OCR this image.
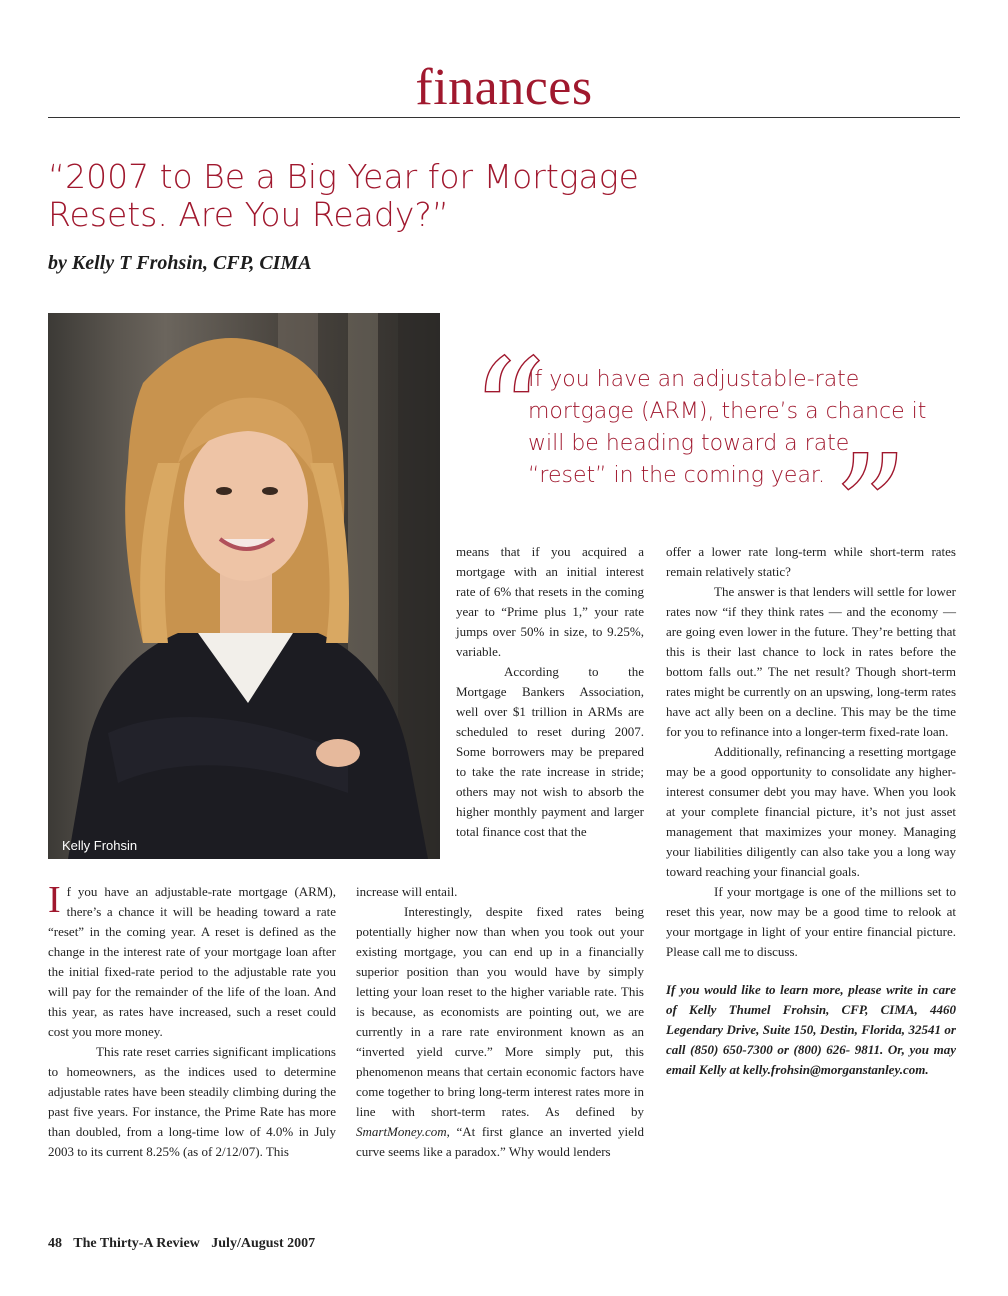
finances
“2007 to Be a Big Year for Mortgage Resets. Are You Ready?”
by Kelly T Frohsin, CFP, CIMA
Kelly Frohsin
“
If you have an adjustable-rate mortgage (ARM), there’s a chance it will be heading toward a rate “reset” in the coming year. ”

If you have an adjustable-rate mortgage (ARM), there’s a chance it will be heading toward a rate “reset” in the coming year. A reset is defined as the change in the interest rate of your mortgage loan after the initial fixed-rate period to the adjustable rate you will pay for the remainder of the life of the loan. And this year, as rates have increased, such a reset could cost you more money.

This rate reset carries significant implications to homeowners, as the indices used to determine adjustable rates have been steadily climbing during the past five years. For instance, the Prime Rate has more than doubled, from a long-time low of 4.0% in July 2003 to its current 8.25% (as of 2/12/07). This

means that if you acquired a mortgage with an initial interest rate of 6% that resets in the coming year to “Prime plus 1,” your rate jumps over 50% in size, to 9.25%, variable.

According to the Mortgage Bankers Association, well over $1 trillion in ARMs are scheduled to reset during 2007. Some borrowers may be prepared to take the rate increase in stride; others may not wish to absorb the higher monthly payment and larger total finance cost that the

increase will entail.

Interestingly, despite fixed rates being potentially higher now than when you took out your existing mortgage, you can end up in a financially superior position than you would have by simply letting your loan reset to the higher variable rate. This is because, as economists are pointing out, we are currently in a rare rate environment known as an “inverted yield curve.” More simply put, this phenomenon means that certain economic factors have come together to bring long-term interest rates more in line with short-term rates. As defined by SmartMoney.com, “At first glance an inverted yield curve seems like a paradox.” Why would lenders

offer a lower rate long-term while short-term rates remain relatively static?

The answer is that lenders will settle for lower rates now “if they think rates — and the economy — are going even lower in the future. They’re betting that this is their last chance to lock in rates before the bottom falls out.” The net result? Though short-term rates might be currently on an upswing, long-term rates have act ally been on a decline. This may be the time for you to refinance into a longer-term fixed-rate loan.

Additionally, refinancing a resetting mortgage may be a good opportunity to consolidate any higher-interest consumer debt you may have. When you look at your complete financial picture, it’s not just asset management that maximizes your money. Managing your liabilities diligently can also take you a long way toward reaching your financial goals.

If your mortgage is one of the millions set to reset this year, now may be a good time to relook at your mortgage in light of your entire financial picture. Please call me to discuss.

If you would like to learn more, please write in care of Kelly Thumel Frohsin, CFP, CIMA, 4460 Legendary Drive, Suite 150, Destin, Florida, 32541 or call (850) 650-7300 or (800) 626- 9811. Or, you may email Kelly at kelly.frohsin@morganstanley.com.

48 The Thirty-A Review July/August 2007
